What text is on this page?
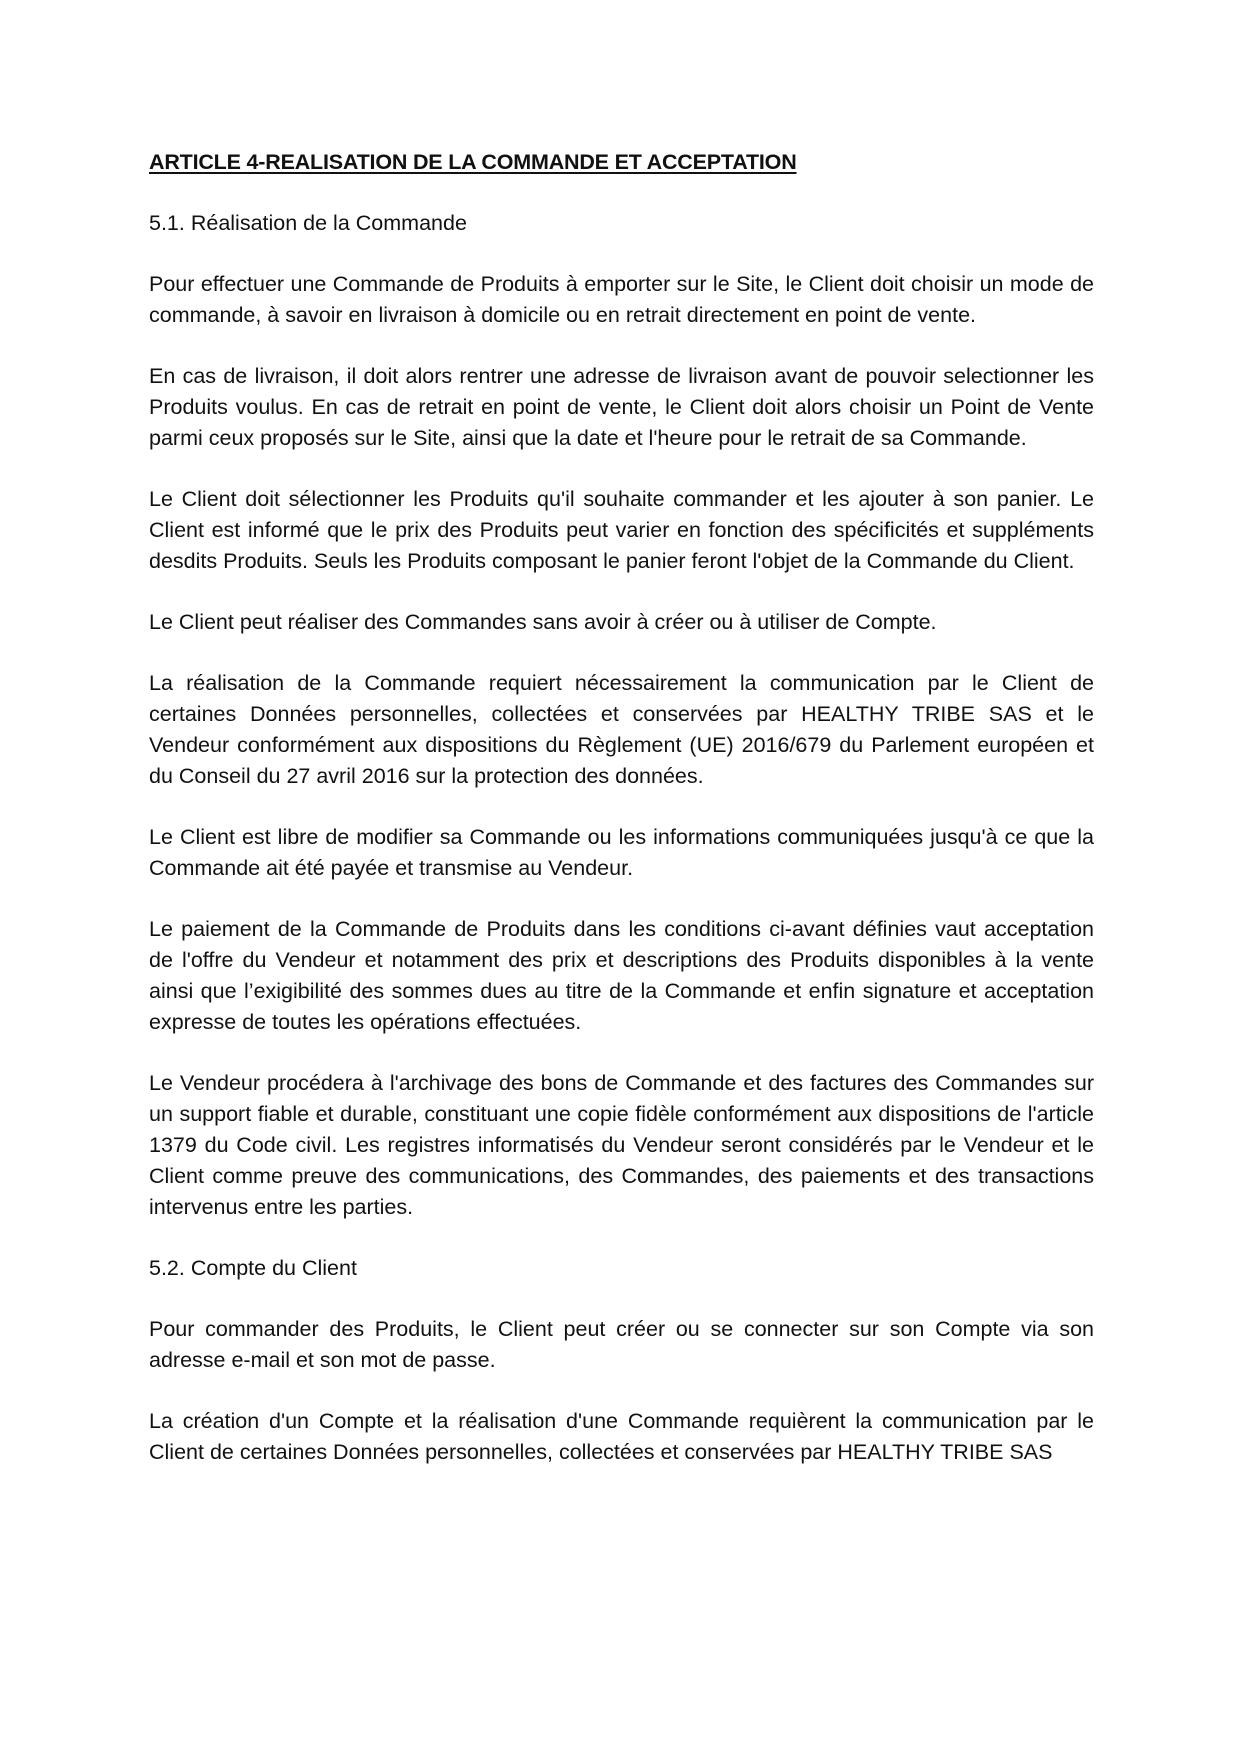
ARTICLE 4-REALISATION DE LA COMMANDE ET ACCEPTATION
5.1. Réalisation de la Commande

Pour effectuer une Commande de Produits à emporter sur le Site, le Client doit choisir un mode de commande, à savoir en livraison à domicile ou en retrait directement en point de vente.

En cas de livraison, il doit alors rentrer une adresse de livraison avant de pouvoir selectionner les Produits voulus. En cas de retrait en point de vente, le Client doit alors choisir un Point de Vente parmi ceux proposés sur le Site, ainsi que la date et l'heure pour le retrait de sa Commande.

Le Client doit sélectionner les Produits qu'il souhaite commander et les ajouter à son panier. Le Client est informé que le prix des Produits peut varier en fonction des spécificités et suppléments desdits Produits. Seuls les Produits composant le panier feront l'objet de la Commande du Client.

Le Client peut réaliser des Commandes sans avoir à créer ou à utiliser de Compte.

La réalisation de la Commande requiert nécessairement la communication par le Client de certaines Données personnelles, collectées et conservées par HEALTHY TRIBE SAS et le Vendeur conformément aux dispositions du Règlement (UE) 2016/679 du Parlement européen et du Conseil du 27 avril 2016 sur la protection des données.

Le Client est libre de modifier sa Commande ou les informations communiquées jusqu'à ce que la Commande ait été payée et transmise au Vendeur.

Le paiement de la Commande de Produits dans les conditions ci-avant définies vaut acceptation de l'offre du Vendeur et notamment des prix et descriptions des Produits disponibles à la vente ainsi que l’exigibilité des sommes dues au titre de la Commande et enfin signature et acceptation expresse de toutes les opérations effectuées.

Le Vendeur procédera à l'archivage des bons de Commande et des factures des Commandes sur un support fiable et durable, constituant une copie fidèle conformément aux dispositions de l'article 1379 du Code civil. Les registres informatisés du Vendeur seront considérés par le Vendeur et le Client comme preuve des communications, des Commandes, des paiements et des transactions intervenus entre les parties.

5.2. Compte du Client

Pour commander des Produits, le Client peut créer ou se connecter sur son Compte via son adresse e-mail et son mot de passe.

La création d'un Compte et la réalisation d'une Commande requièrent la communication par le Client de certaines Données personnelles, collectées et conservées par HEALTHY TRIBE SAS
